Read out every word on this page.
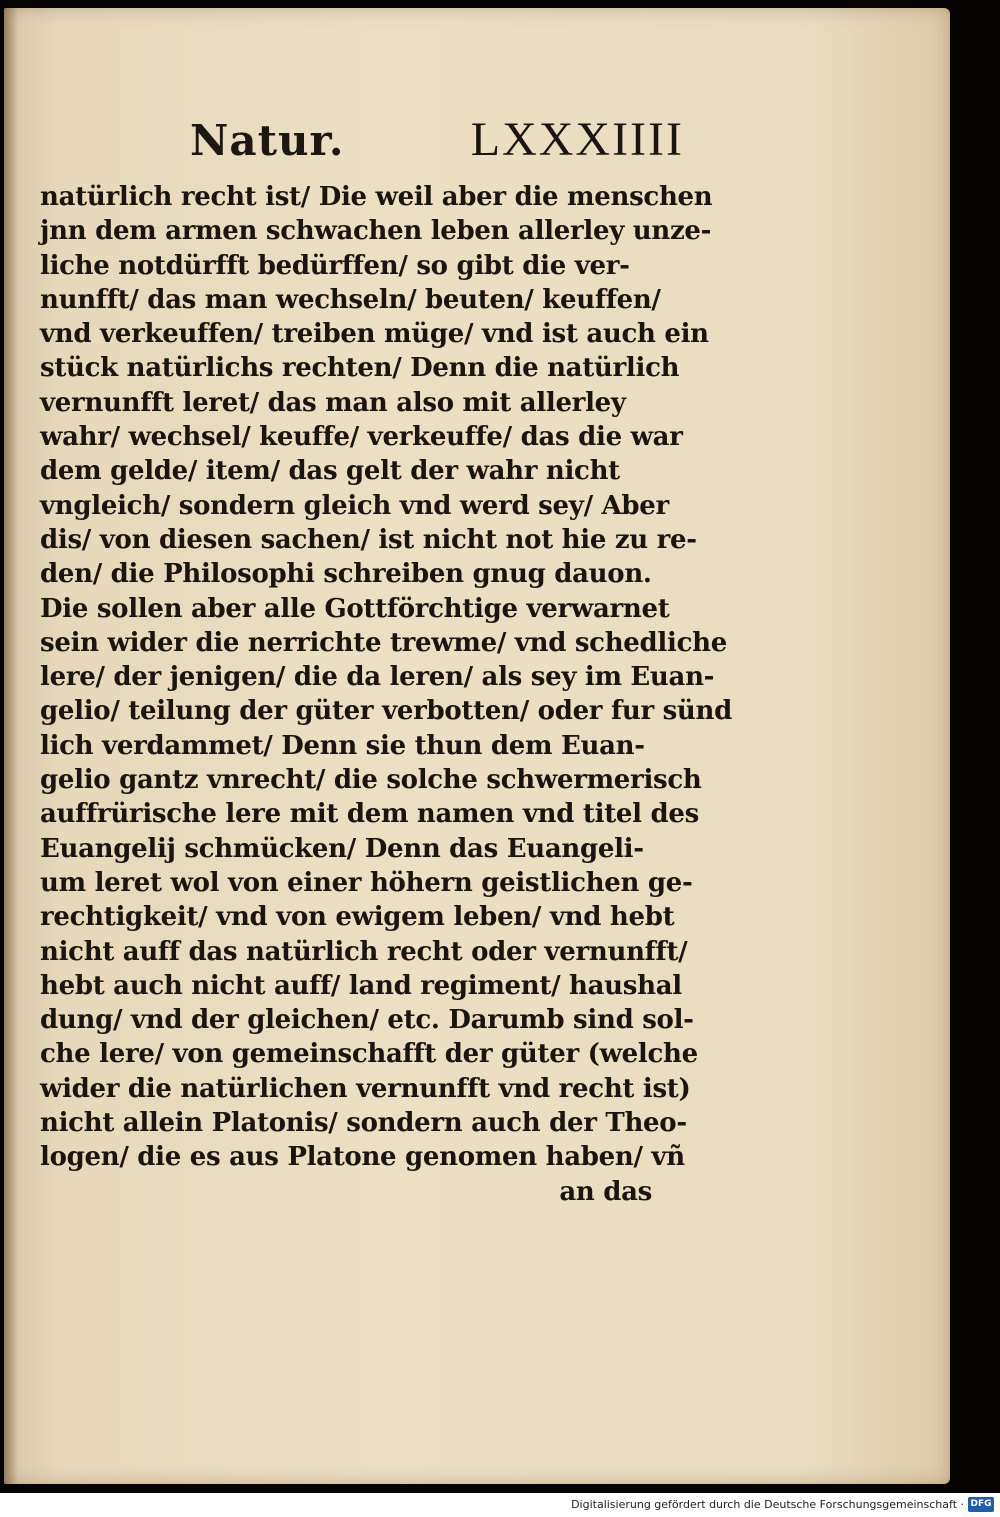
Natur.	LXXXIIII
natürlich recht ist/ Die weil aber die menschen
jnn dem armen schwachen leben allerley unze-
liche notdürfft bedürffen/ so gibt die ver-
nunfft/ das man wechseln/ beuten/ keuffen/
vnd verkeuffen/ treiben müge/ vnd ist auch ein
stück natürlichs rechten/ Denn die natürlich
vernunfft leret/ das man also mit allerley
wahr/ wechsel/ keuffe/ verkeuffe/ das die war
dem gelde/ item/ das gelt der wahr nicht
vngleich/ sondern gleich vnd werd sey/ Aber
dis/ von diesen sachen/ ist nicht not hie zu re-
den/ die Philosophi schreiben gnug dauon.
Die sollen aber alle Gottförchtige verwarnet
sein wider die nerrichte trewme/ vnd schedliche
lere/ der jenigen/ die da leren/ als sey im Euan-
gelio/ teilung der güter verbotten/ oder fur sünd
lich verdammet/ Denn sie thun dem Euan-
gelio gantz vnrecht/ die solche schwermerisch
auffrürische lere mit dem namen vnd titel des
Euangelij schmücken/ Denn das Euangeli-
um leret wol von einer höhern geistlichen ge-
rechtigkeit/ vnd von ewigem leben/ vnd hebt
nicht auff das natürlich recht oder vernunfft/
hebt auch nicht auff/ land regiment/ haushal
dung/ vnd der gleichen/ etc. Darumb sind sol-
che lere/ von gemeinschafft der güter (welche
wider die natürlichen vernunfft vnd recht ist)
nicht allein Platonis/ sondern auch der Theo-
logen/ die es aus Platone genomen haben/ vñ
an das
Digitalisierung gefördert durch die Deutsche Forschungsgemeinschaft · DFG
